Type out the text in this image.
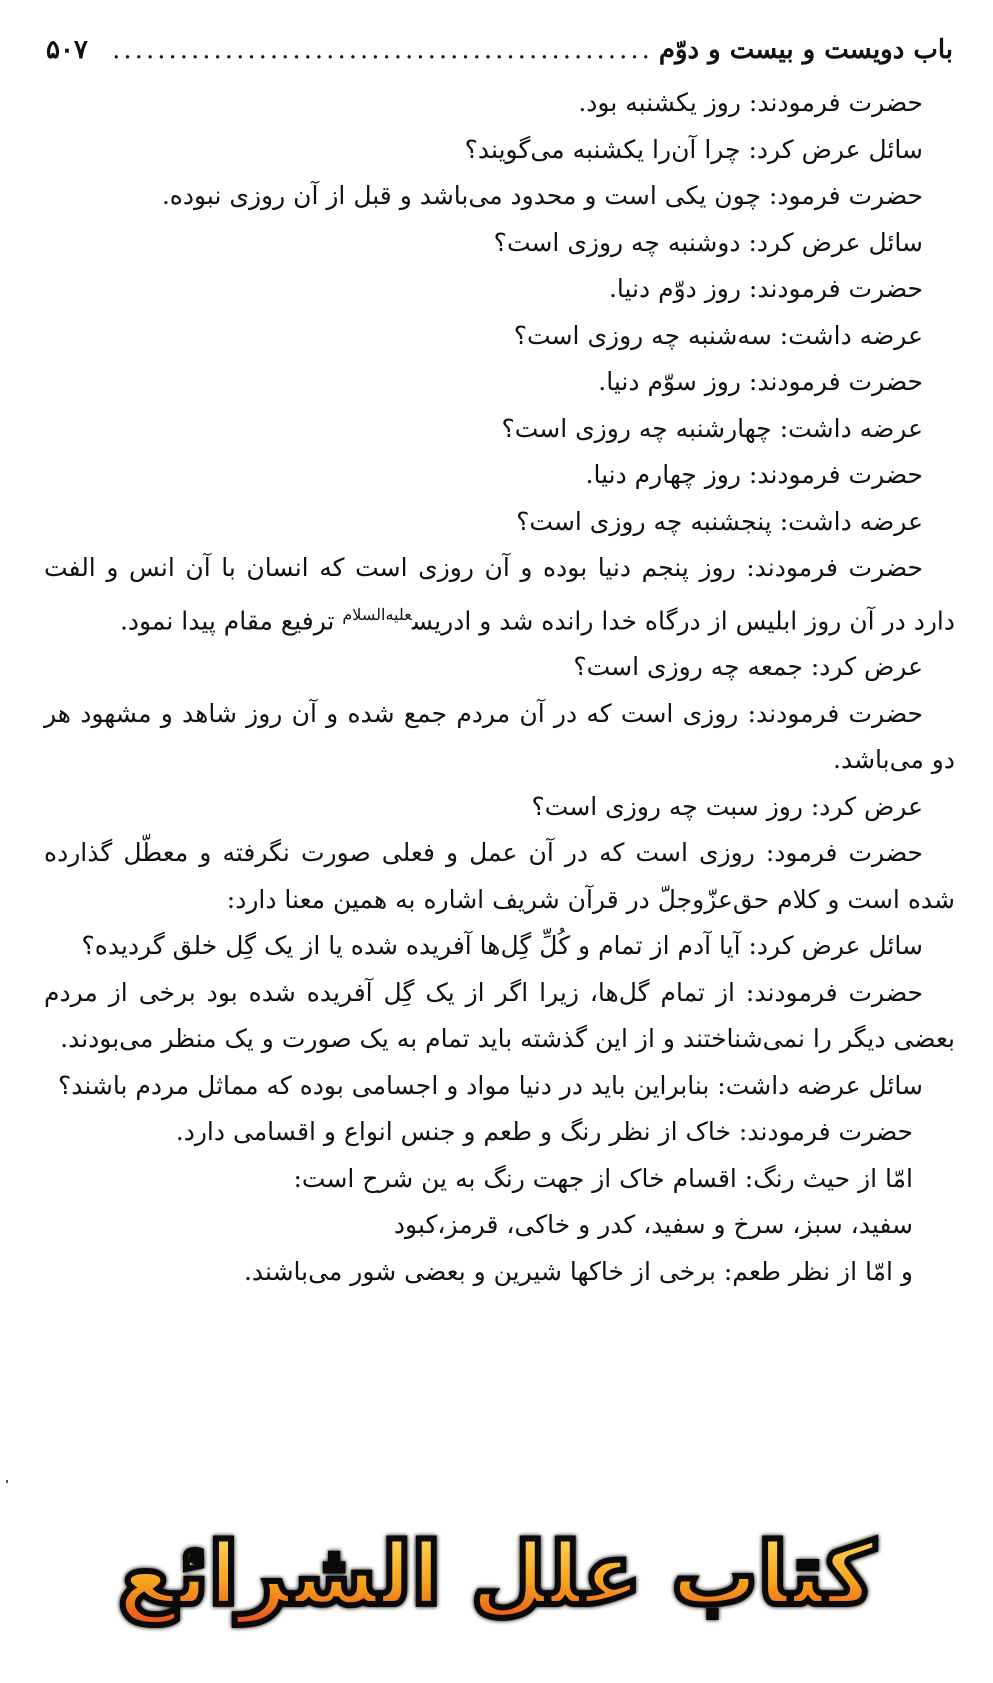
باب دویست و بیست و دوّم
................................................
۵۰۷

حضرت فرمودند: روز یکشنبه بود.

سائل عرض کرد: چرا آن‌را یکشنبه می‌گویند؟

حضرت فرمود: چون یکی است و محدود می‌باشد و قبل از آن روزی نبوده.

سائل عرض کرد: دوشنبه چه روزی است؟

حضرت فرمودند: روز دوّم دنیا.

عرضه داشت: سه‌شنبه چه روزی است؟

حضرت فرمودند: روز سوّم دنیا.

عرضه داشت: چهارشنبه چه روزی است؟

حضرت فرمودند: روز چهارم دنیا.

عرضه داشت: پنجشنبه چه روزی است؟

حضرت فرمودند: روز پنجم دنیا بوده و آن روزی است که انسان با آن انس و الفت دارد در آن روز ابلیس از درگاه خدا رانده شد و ادریس$^{علیه‌السلام}$ ترفیع مقام پیدا نمود.

عرض کرد: جمعه چه روزی است؟

حضرت فرمودند: روزی است که در آن مردم جمع شده و آن روز شاهد و مشهود هر دو می‌باشد.

عرض کرد: روز سبت چه روزی است؟

حضرت فرمود: روزی است که در آن عمل و فعلی صورت نگرفته و معطّل گذارده شده است و کلام حق‌عزّوجلّ در قرآن شریف اشاره به همین معنا دارد:

سائل عرض کرد: آیا آدم از تمام و کُلِّ گِل‌ها آفریده شده یا از یک گِل خلق گردیده؟

حضرت فرمودند: از تمام گل‌ها، زیرا اگر از یک گِل آفریده شده بود برخی از مردم بعضی دیگر را نمی‌شناختند و از این گذشته باید تمام به یک صورت و یک منظر می‌بودند.

سائل عرضه داشت: بنابراین باید در دنیا مواد و اجسامی بوده که مماثل مردم باشند؟

حضرت فرمودند: خاک از نظر رنگ و طعم و جنس انواع و اقسامی دارد.

امّا از حیث رنگ: اقسام خاک از جهت رنگ به ین شرح است:

سفید، سبز، سرخ و سفید، کدر و خاکی، قرمز،کبود

و امّا از نظر طعم: برخی از خاکها شیرین و بعضی شور می‌باشند.

کتاب علل الشرائع
